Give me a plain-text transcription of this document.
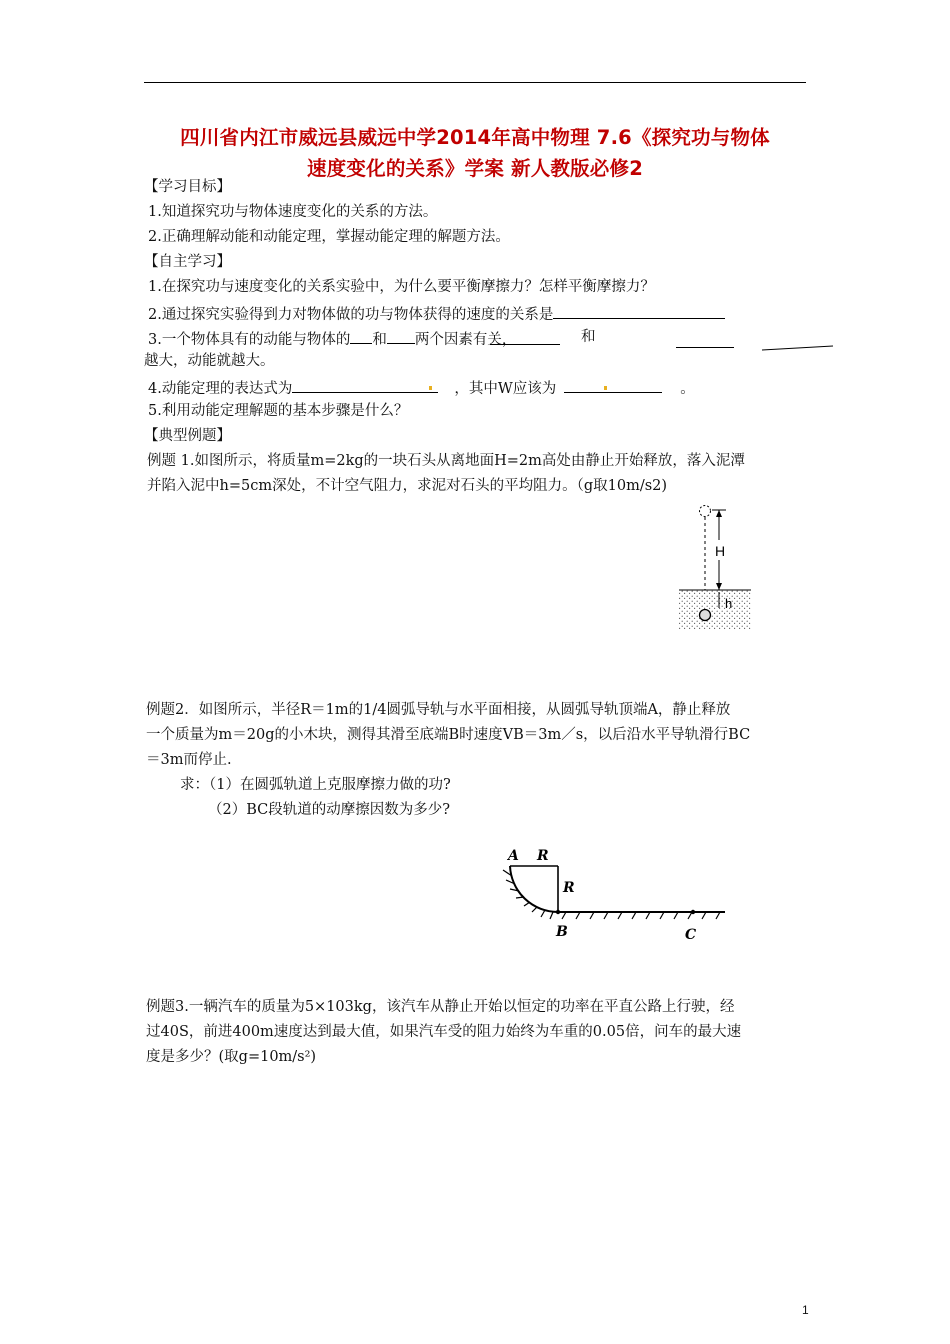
四川省内江市威远县威远中学2014年高中物理 7.6《探究功与物体
速度变化的关系》学案 新人教版必修2
【学习目标】
1.知道探究功与物体速度变化的关系的方法。
2.正确理解动能和动能定理，掌握动能定理的解题方法。
【自主学习】
1.在探究功与速度变化的关系实验中，为什么要平衡摩擦力？怎样平衡摩擦力？
2.通过探究实验得到力对物体做的功与物体获得的速度的关系是
3.一个物体具有的动能与物体的 和 两个因素有关，	和
越大，动能就越大。
4.动能定理的表达式为	，其中W应该为	。
5.利用动能定理解题的基本步骤是什么？
【典型例题】
例题 1.如图所示，将质量m=2kg的一块石头从离地面H=2m高处由静止开始释放，落入泥潭
并陷入泥中h=5cm深处，不计空气阻力，求泥对石头的平均阻力。（g取10m/s2)
H
h
例题2．如图所示，半径R＝1m的1/4圆弧导轨与水平面相接，从圆弧导轨顶端A，静止释放
一个质量为m＝20g的小木块，测得其滑至底端B时速度VB＝3m／s，以后沿水平导轨滑行BC
＝3m而停止.
求：（1）在圆弧轨道上克服摩擦力做的功?
（2）BC段轨道的动摩擦因数为多少?
A R
R
B	C
例题3.一辆汽车的质量为5×103kg，该汽车从静止开始以恒定的功率在平直公路上行驶，经
过40S，前进400m速度达到最大值，如果汽车受的阻力始终为车重的0.05倍，问车的最大速
度是多少？(取g=10m/s²)
1
